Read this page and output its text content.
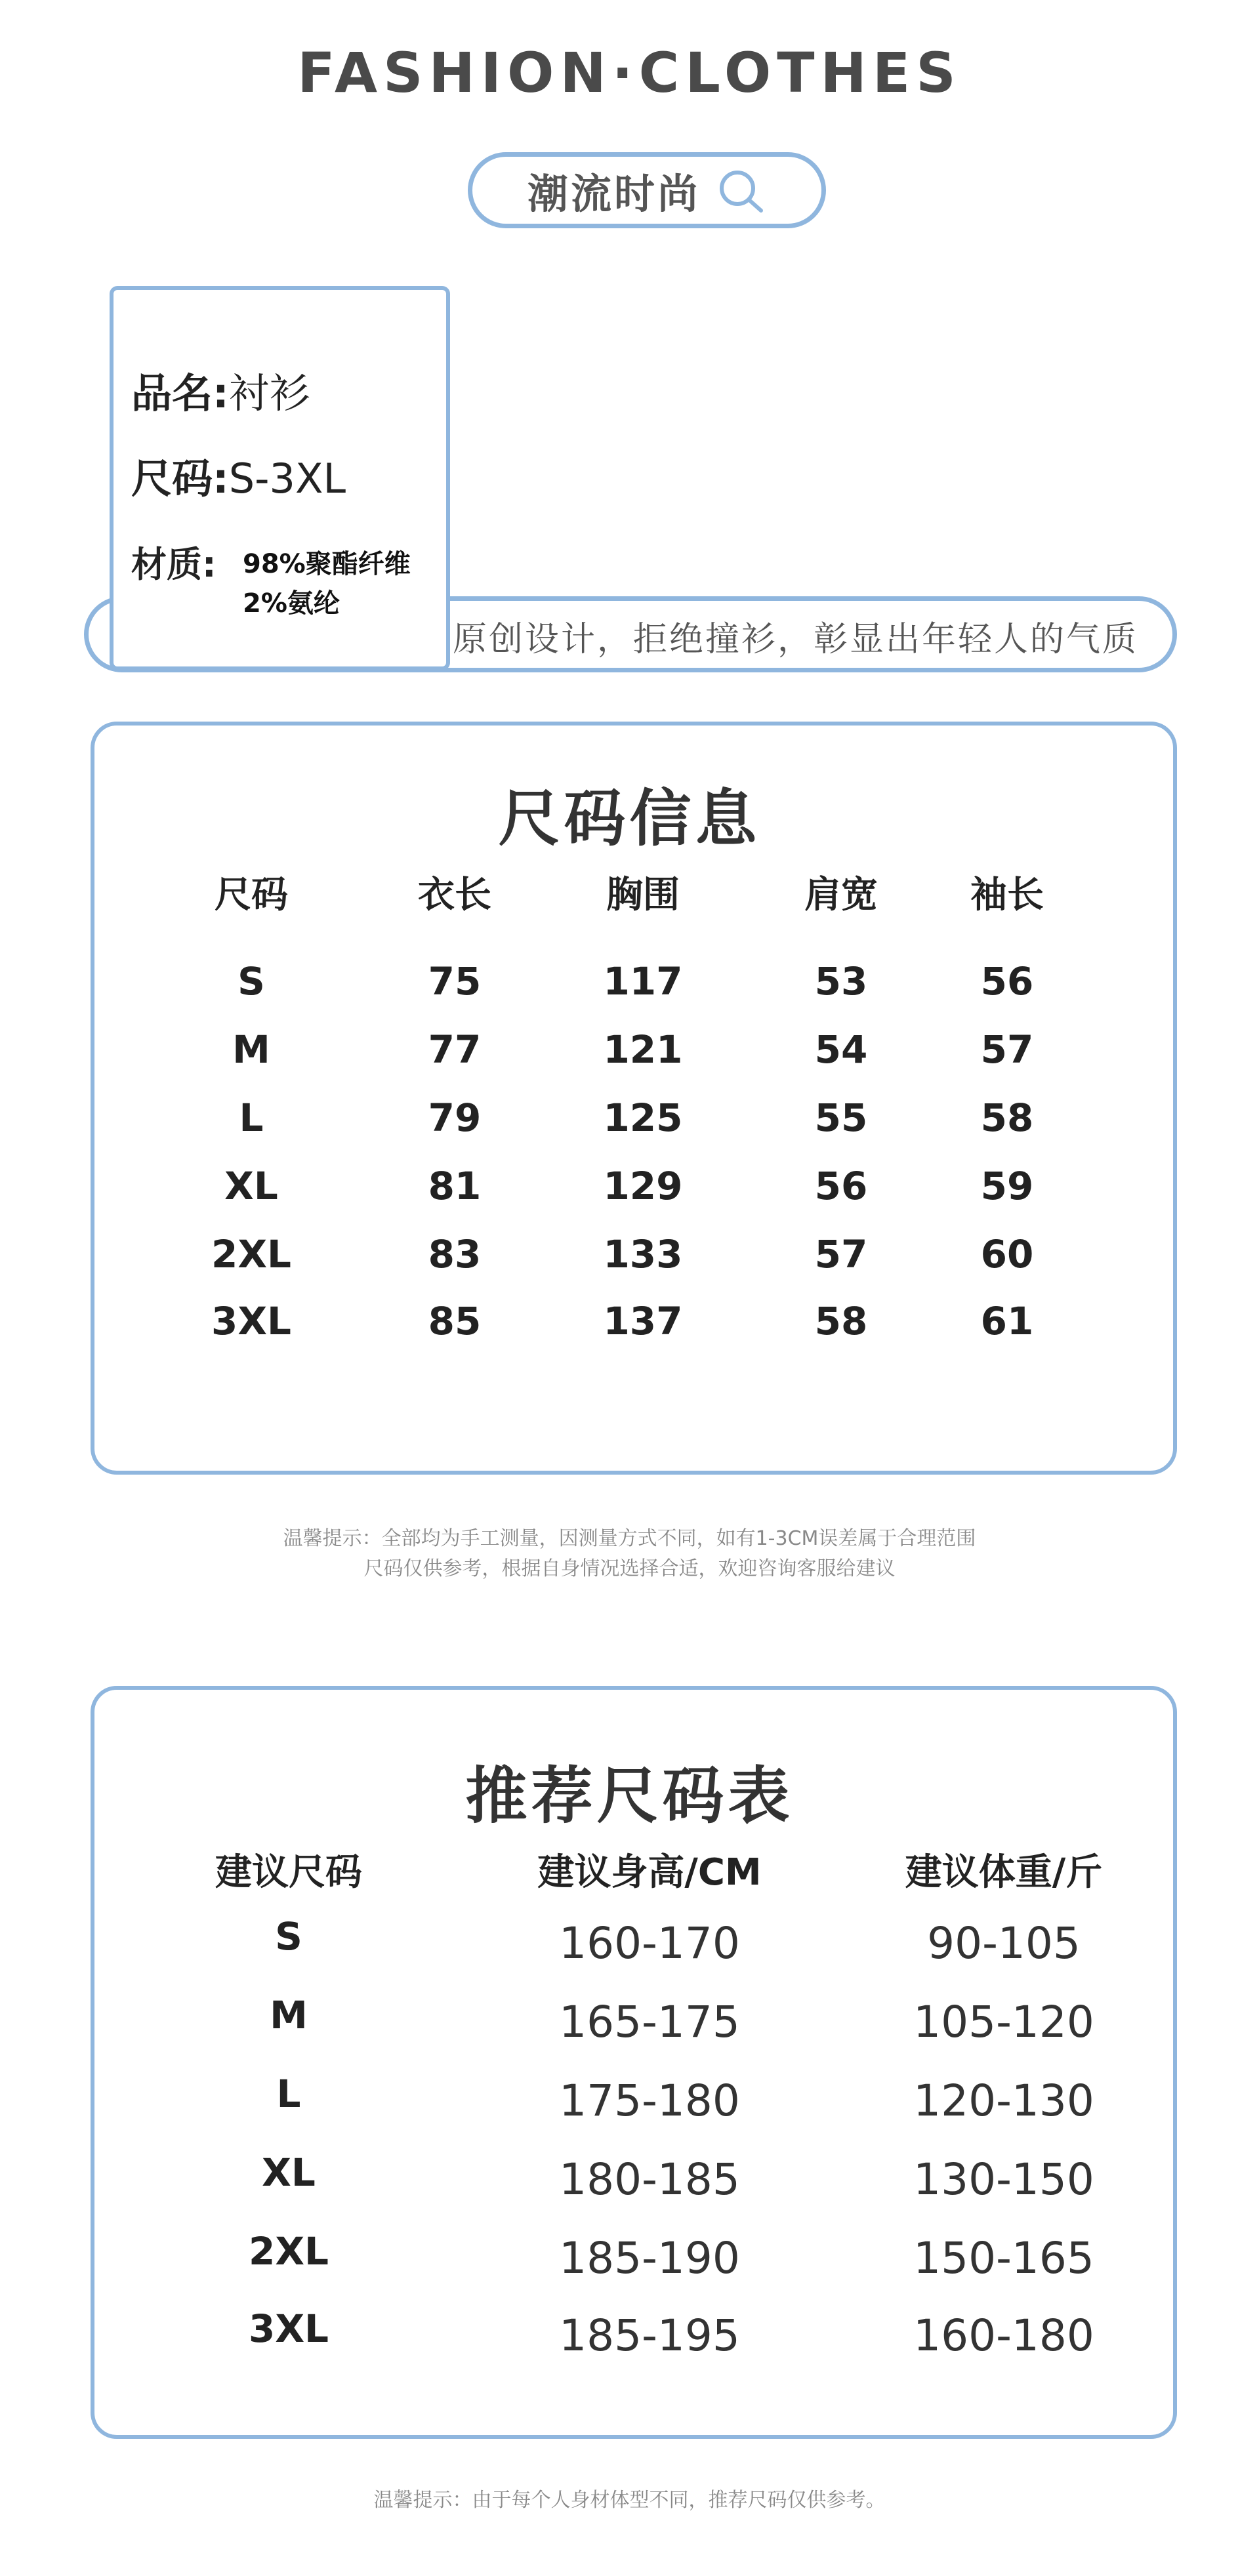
FASHION·CLOTHES
潮流时尚
原创设计，拒绝撞衫，彰显出年轻人的气质
品名:衬衫
尺码:S-3XL
材质: 98%聚酯纤维
2%氨纶
尺码信息
尺码	衣长	胸围	肩宽	袖长
S	75	117	53	56
M	77	121	54	57
L	79	125	55	58
XL	81	129	56	59
2XL	83	133	57	60
3XL	85	137	58	61
温馨提示：全部均为手工测量，因测量方式不同，如有1-3CM误差属于合理范围
尺码仅供参考，根据自身情况选择合适，欢迎咨询客服给建议
推荐尺码表
建议尺码	建议身高/CM	建议体重/斤
S	160-170	90-105
M	165-175	105-120
L	175-180	120-130
XL	180-185	130-150
2XL	185-190	150-165
3XL	185-195	160-180
温馨提示：由于每个人身材体型不同，推荐尺码仅供参考。
